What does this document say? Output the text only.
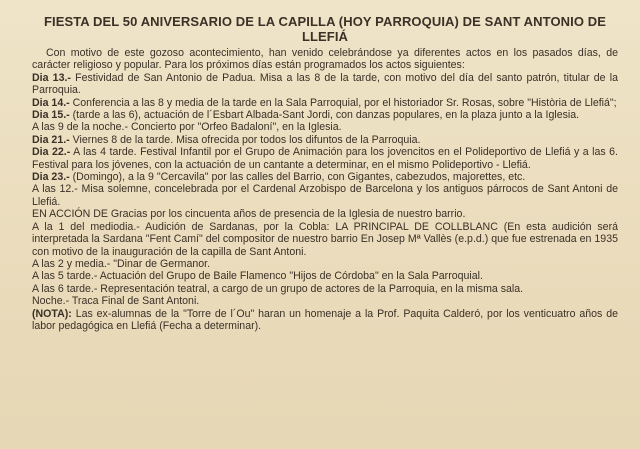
FIESTA DEL 50 ANIVERSARIO DE LA CAPILLA (HOY PARROQUIA) DE SANT ANTONIO DE LLEFIÁ

Con motivo de este gozoso acontecimiento, han venido celebrándose ya diferentes actos en los pasados días, de carácter religioso y popular. Para los próximos días están programados los actos siguientes:

Dia 13.- Festividad de San Antonio de Padua. Misa a las 8 de la tarde, con motivo del día del santo patrón, titular de la Parroquia.

Dia 14.- Conferencia a las 8 y media de la tarde en la Sala Parroquial, por el historiador Sr. Rosas, sobre "Història de Llefiá";

Dia 15.- (tarde a las 6), actuación de l´Esbart Albada-Sant Jordi, con danzas populares, en la plaza junto a la Iglesia.

A las 9 de la noche.- Concierto por "Orfeo Badaloní", en la Iglesia.

Dia 21.- Viernes 8 de la tarde. Misa ofrecida por todos los difuntos de la Parroquia.

Dia 22.- A las 4 tarde. Festival Infantil por el Grupo de Animación para los jovencitos en el Polideportivo de Llefiá y a las 6. Festival para los jóvenes, con la actuación de un cantante a determinar, en el mismo Polideportivo - Llefiá.

Dia 23.- (Domingo), a la 9 "Cercavila" por las calles del Barrio, con Gigantes, cabezudos, majorettes, etc.

A las 12.- Misa solemne, concelebrada por el Cardenal Arzobispo de Barcelona y los antiguos párrocos de Sant Antoni de Llefiá.

EN ACCIÓN DE Gracias por los cincuenta años de presencia de la Iglesia de nuestro barrio.

A la 1 del mediodia.- Audición de Sardanas, por la Cobla: LA PRINCIPAL DE COLLBLANC (En esta audición será interpretada la Sardana "Fent Camí" del compositor de nuestro barrio En Josep Mª Vallès (e.p.d.) que fue estrenada en 1935 con motivo de la inauguración de la capilla de Sant Antoni.

A las 2 y media.- "Dinar de Germanor.

A las 5 tarde.- Actuación del Grupo de Baile Flamenco "Hijos de Córdoba" en la Sala Parroquial.

A las 6 tarde.- Representación teatral, a cargo de un grupo de actores de la Parroquia, en la misma sala.

Noche.- Traca Final de Sant Antoni.

(NOTA): Las ex-alumnas de la "Torre de l´Ou" haran un homenaje a la Prof. Paquita Calderó, por los venticuatro años de labor pedagógica en Llefiá (Fecha a determinar).
